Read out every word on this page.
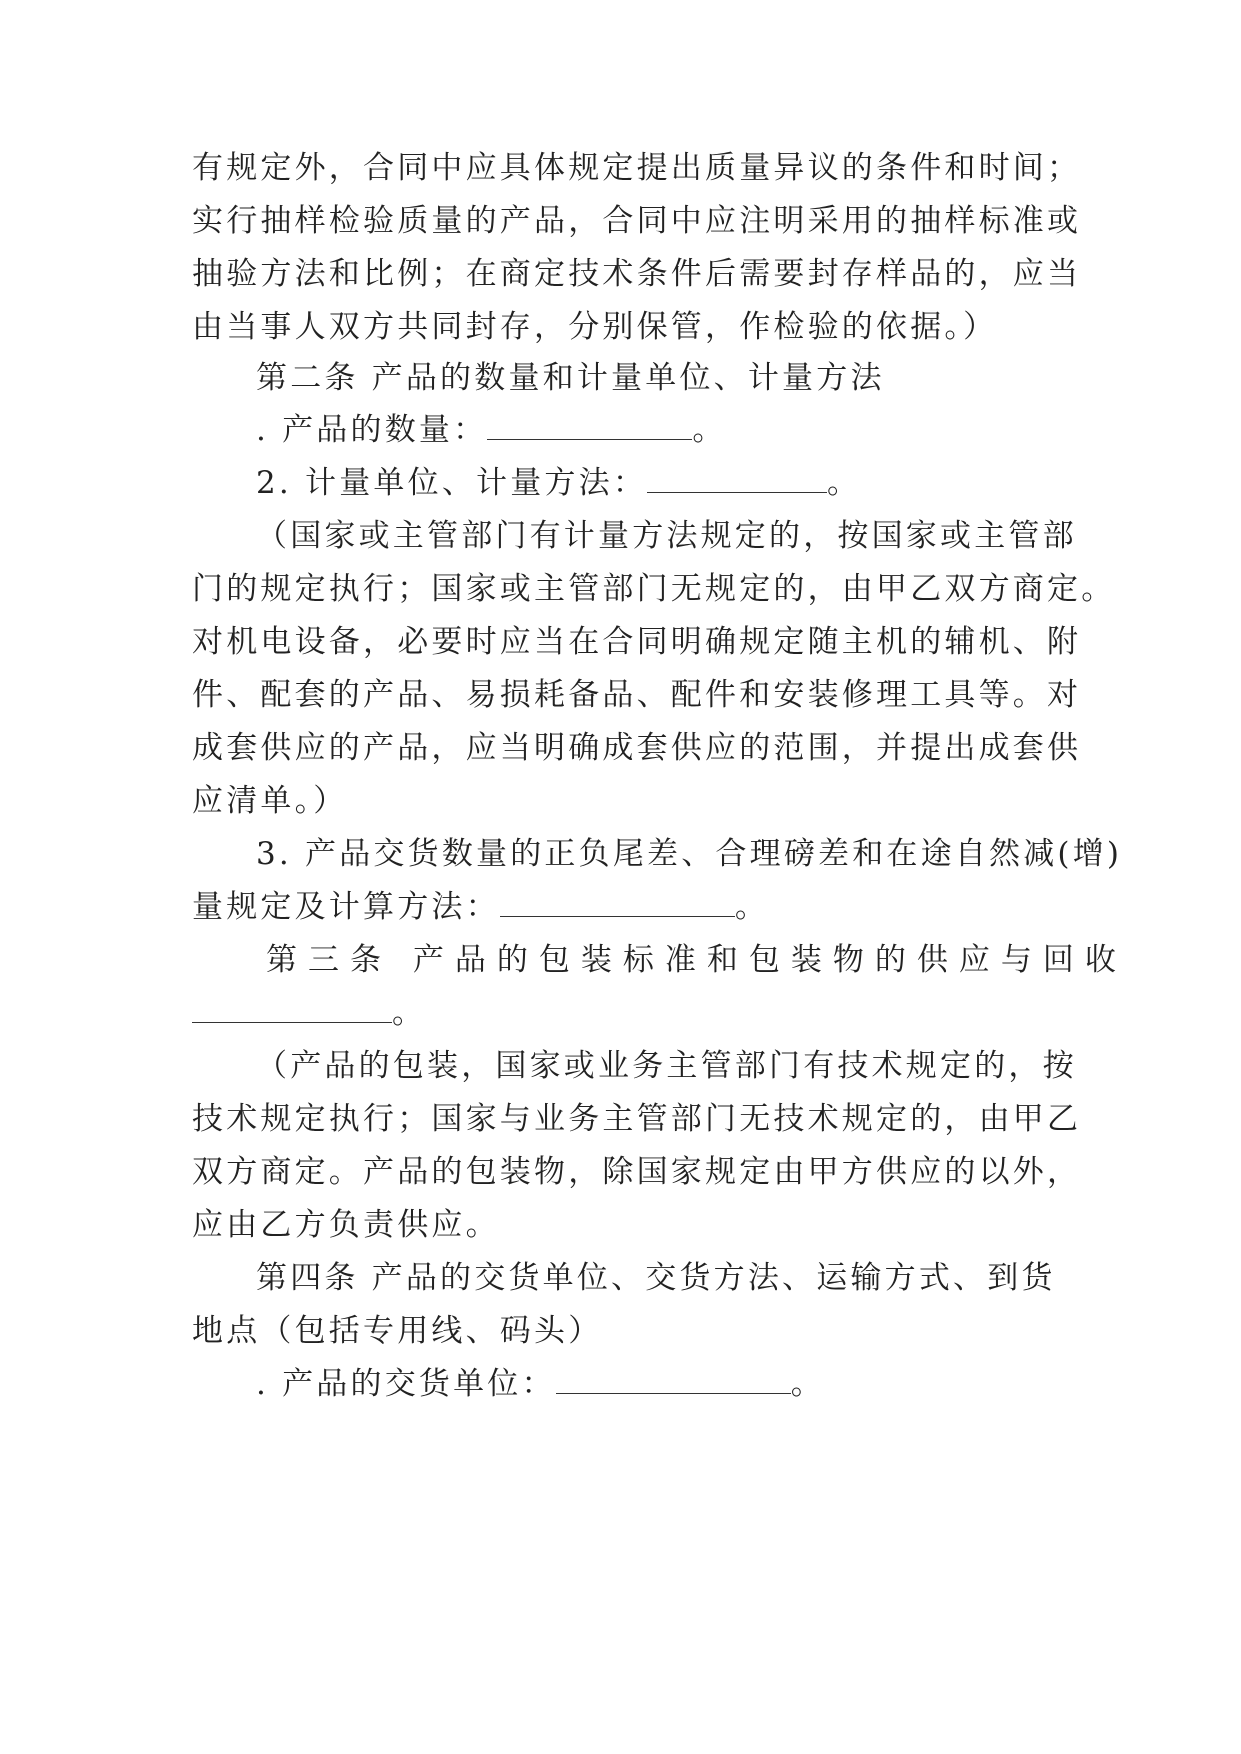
有规定外，合同中应具体规定提出质量异议的条件和时间；
实行抽样检验质量的产品，合同中应注明采用的抽样标准或
抽验方法和比例；在商定技术条件后需要封存样品的，应当
由当事人双方共同封存，分别保管，作检验的依据。）
第二条 产品的数量和计量单位、计量方法
. 产品的数量：	。
2. 计量单位、计量方法：	。
（国家或主管部门有计量方法规定的，按国家或主管部
门的规定执行；国家或主管部门无规定的，由甲乙双方商定。
对机电设备，必要时应当在合同明确规定随主机的辅机、附
件、配套的产品、易损耗备品、配件和安装修理工具等。对
成套供应的产品，应当明确成套供应的范围，并提出成套供
应清单。）
3. 产品交货数量的正负尾差、合理磅差和在途自然减(增)
量规定及计算方法：	。
第三条 产品的包装标准和包装物的供应与回收
。
（产品的包装，国家或业务主管部门有技术规定的，按
技术规定执行；国家与业务主管部门无技术规定的，由甲乙
双方商定。产品的包装物，除国家规定由甲方供应的以外，
应由乙方负责供应。
第四条 产品的交货单位、交货方法、运输方式、到货
地点（包括专用线、码头）
. 产品的交货单位：	。
